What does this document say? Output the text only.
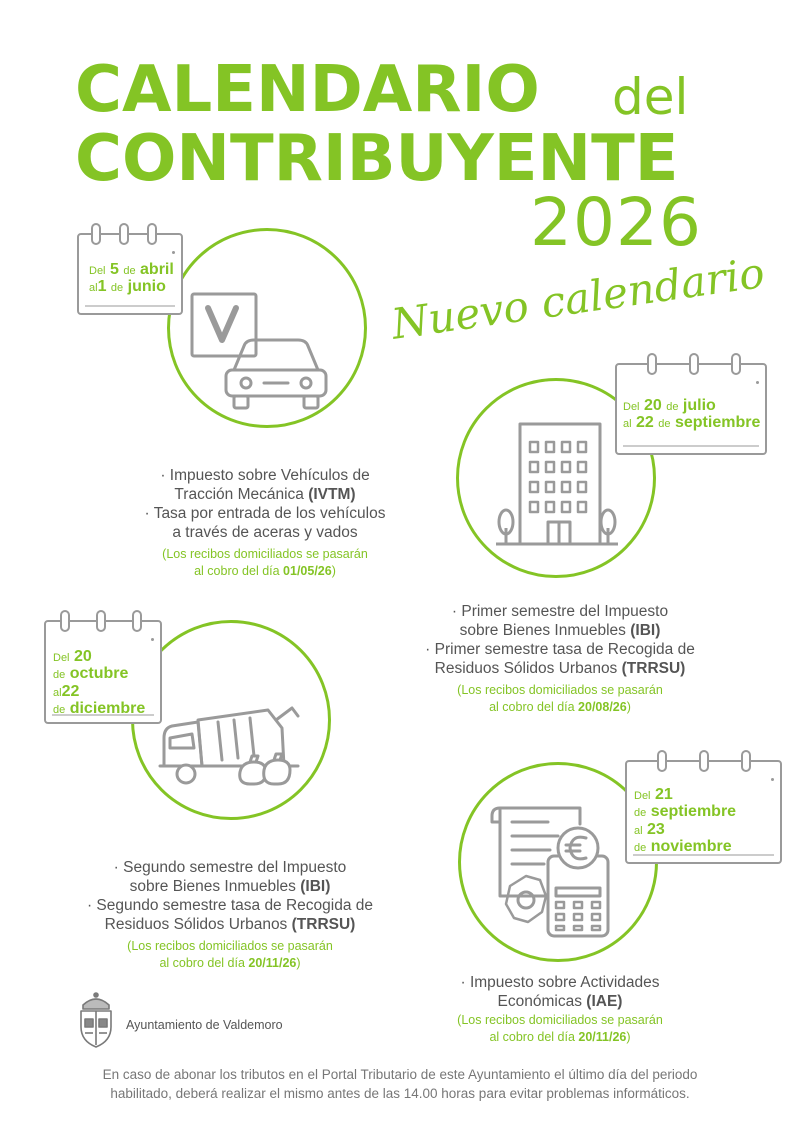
CALENDARIO del
CONTRIBUYENTE
2026
Nuevo calendario
Del 5 de abril
al1 de junio
· Impuesto sobre Vehículos de
Tracción Mecánica (IVTM)
· Tasa por entrada de los vehículos
a través de aceras y vados
(Los recibos domiciliados se pasarán
al cobro del día 01/05/26)
Del 20 de julio
al 22 de septiembre
· Primer semestre del Impuesto
sobre Bienes Inmuebles (IBI)
· Primer semestre tasa de Recogida de
Residuos Sólidos Urbanos (TRRSU)
(Los recibos domiciliados se pasarán
al cobro del día 20/08/26)
Del 20
de octubre
al22
de diciembre
· Segundo semestre del Impuesto
sobre Bienes Inmuebles (IBI)
· Segundo semestre tasa de Recogida de
Residuos Sólidos Urbanos (TRRSU)
(Los recibos domiciliados se pasarán
al cobro del día 20/11/26)
Del 21
de septiembre
al 23
de noviembre
· Impuesto sobre Actividades
Económicas (IAE)
(Los recibos domiciliados se pasarán
al cobro del día 20/11/26)
Ayuntamiento de Valdemoro
En caso de abonar los tributos en el Portal Tributario de este Ayuntamiento el último día del periodo
habilitado, deberá realizar el mismo antes de las 14.00 horas para evitar problemas informáticos.
